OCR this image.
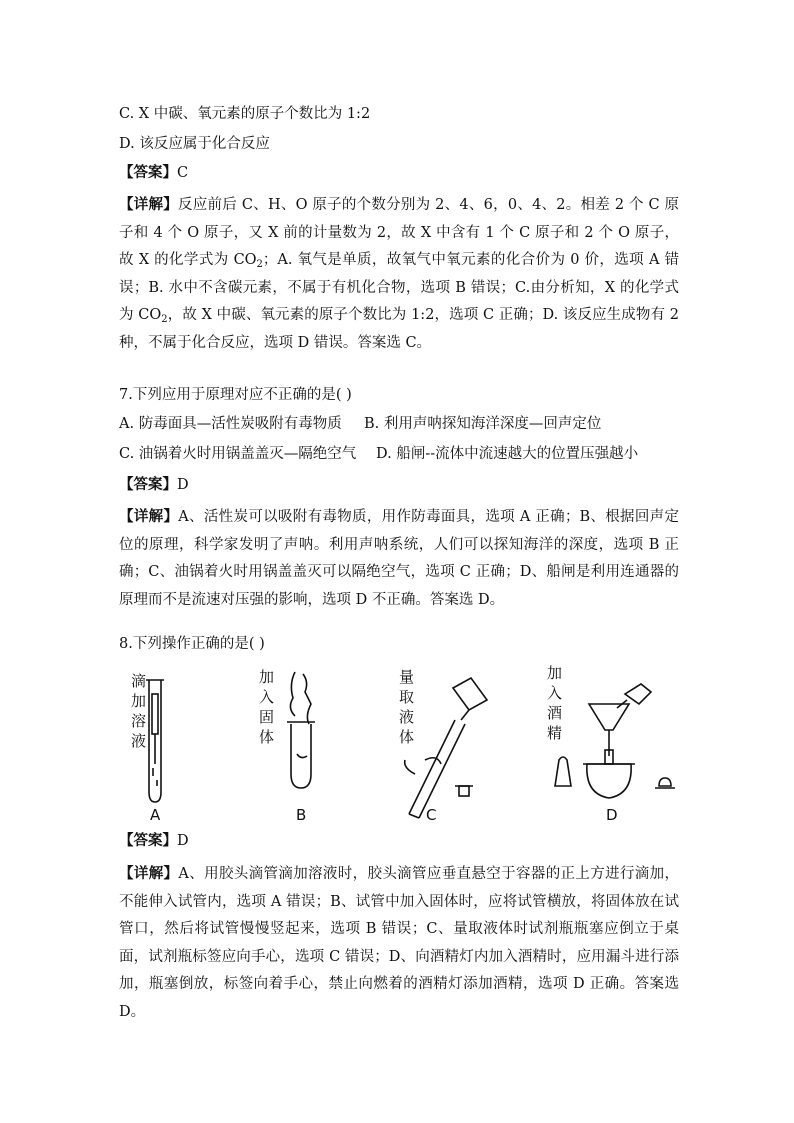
C. X 中碳、氧元素的原子个数比为 1:2
D. 该反应属于化合反应
【答案】C
【详解】反应前后 C、H、O 原子的个数分别为 2、4、6，0、4、2。相差 2 个 C 原子和 4 个 O 原子，又 X 前的计量数为 2，故 X 中含有 1 个 C 原子和 2 个 O 原子，故 X 的化学式为 $CO_2$；A. 氧气是单质，故氧气中氧元素的化合价为 0 价，选项 A 错误；B. 水中不含碳元素，不属于有机化合物，选项 B 错误；C.由分析知，X 的化学式为 $CO_2$，故 X 中碳、氧元素的原子个数比为 1:2，选项 C 正确；D. 该反应生成物有 2 种，不属于化合反应，选项 D 错误。答案选 C。
7.下列应用于原理对应不正确的是( )
A. 防毒面具—活性炭吸附有毒物质 B. 利用声呐探知海洋深度—回声定位
C. 油锅着火时用锅盖盖灭—隔绝空气 D. 船闸--流体中流速越大的位置压强越小
【答案】D
【详解】A、活性炭可以吸附有毒物质，用作防毒面具，选项 A 正确；B、根据回声定位的原理，科学家发明了声呐。利用声呐系统，人们可以探知海洋的深度，选项 B 正确；C、油锅着火时用锅盖盖灭可以隔绝空气，选项 C 正确；D、船闸是利用连通器的原理而不是流速对压强的影响，选项 D 不正确。答案选 D。
8.下列操作正确的是( )
滴
加
溶
液
加
入
固
体
量
取
液
体
加
入
酒
精
A	B	C	D
【答案】D
【详解】A、用胶头滴管滴加溶液时，胶头滴管应垂直悬空于容器的正上方进行滴加，不能伸入试管内，选项 A 错误；B、试管中加入固体时，应将试管横放，将固体放在试管口，然后将试管慢慢竖起来，选项 B 错误；C、量取液体时试剂瓶瓶塞应倒立于桌面，试剂瓶标签应向手心，选项 C 错误；D、向酒精灯内加入酒精时，应用漏斗进行添加，瓶塞倒放，标签向着手心，禁止向燃着的酒精灯添加酒精，选项 D 正确。答案选 D。
